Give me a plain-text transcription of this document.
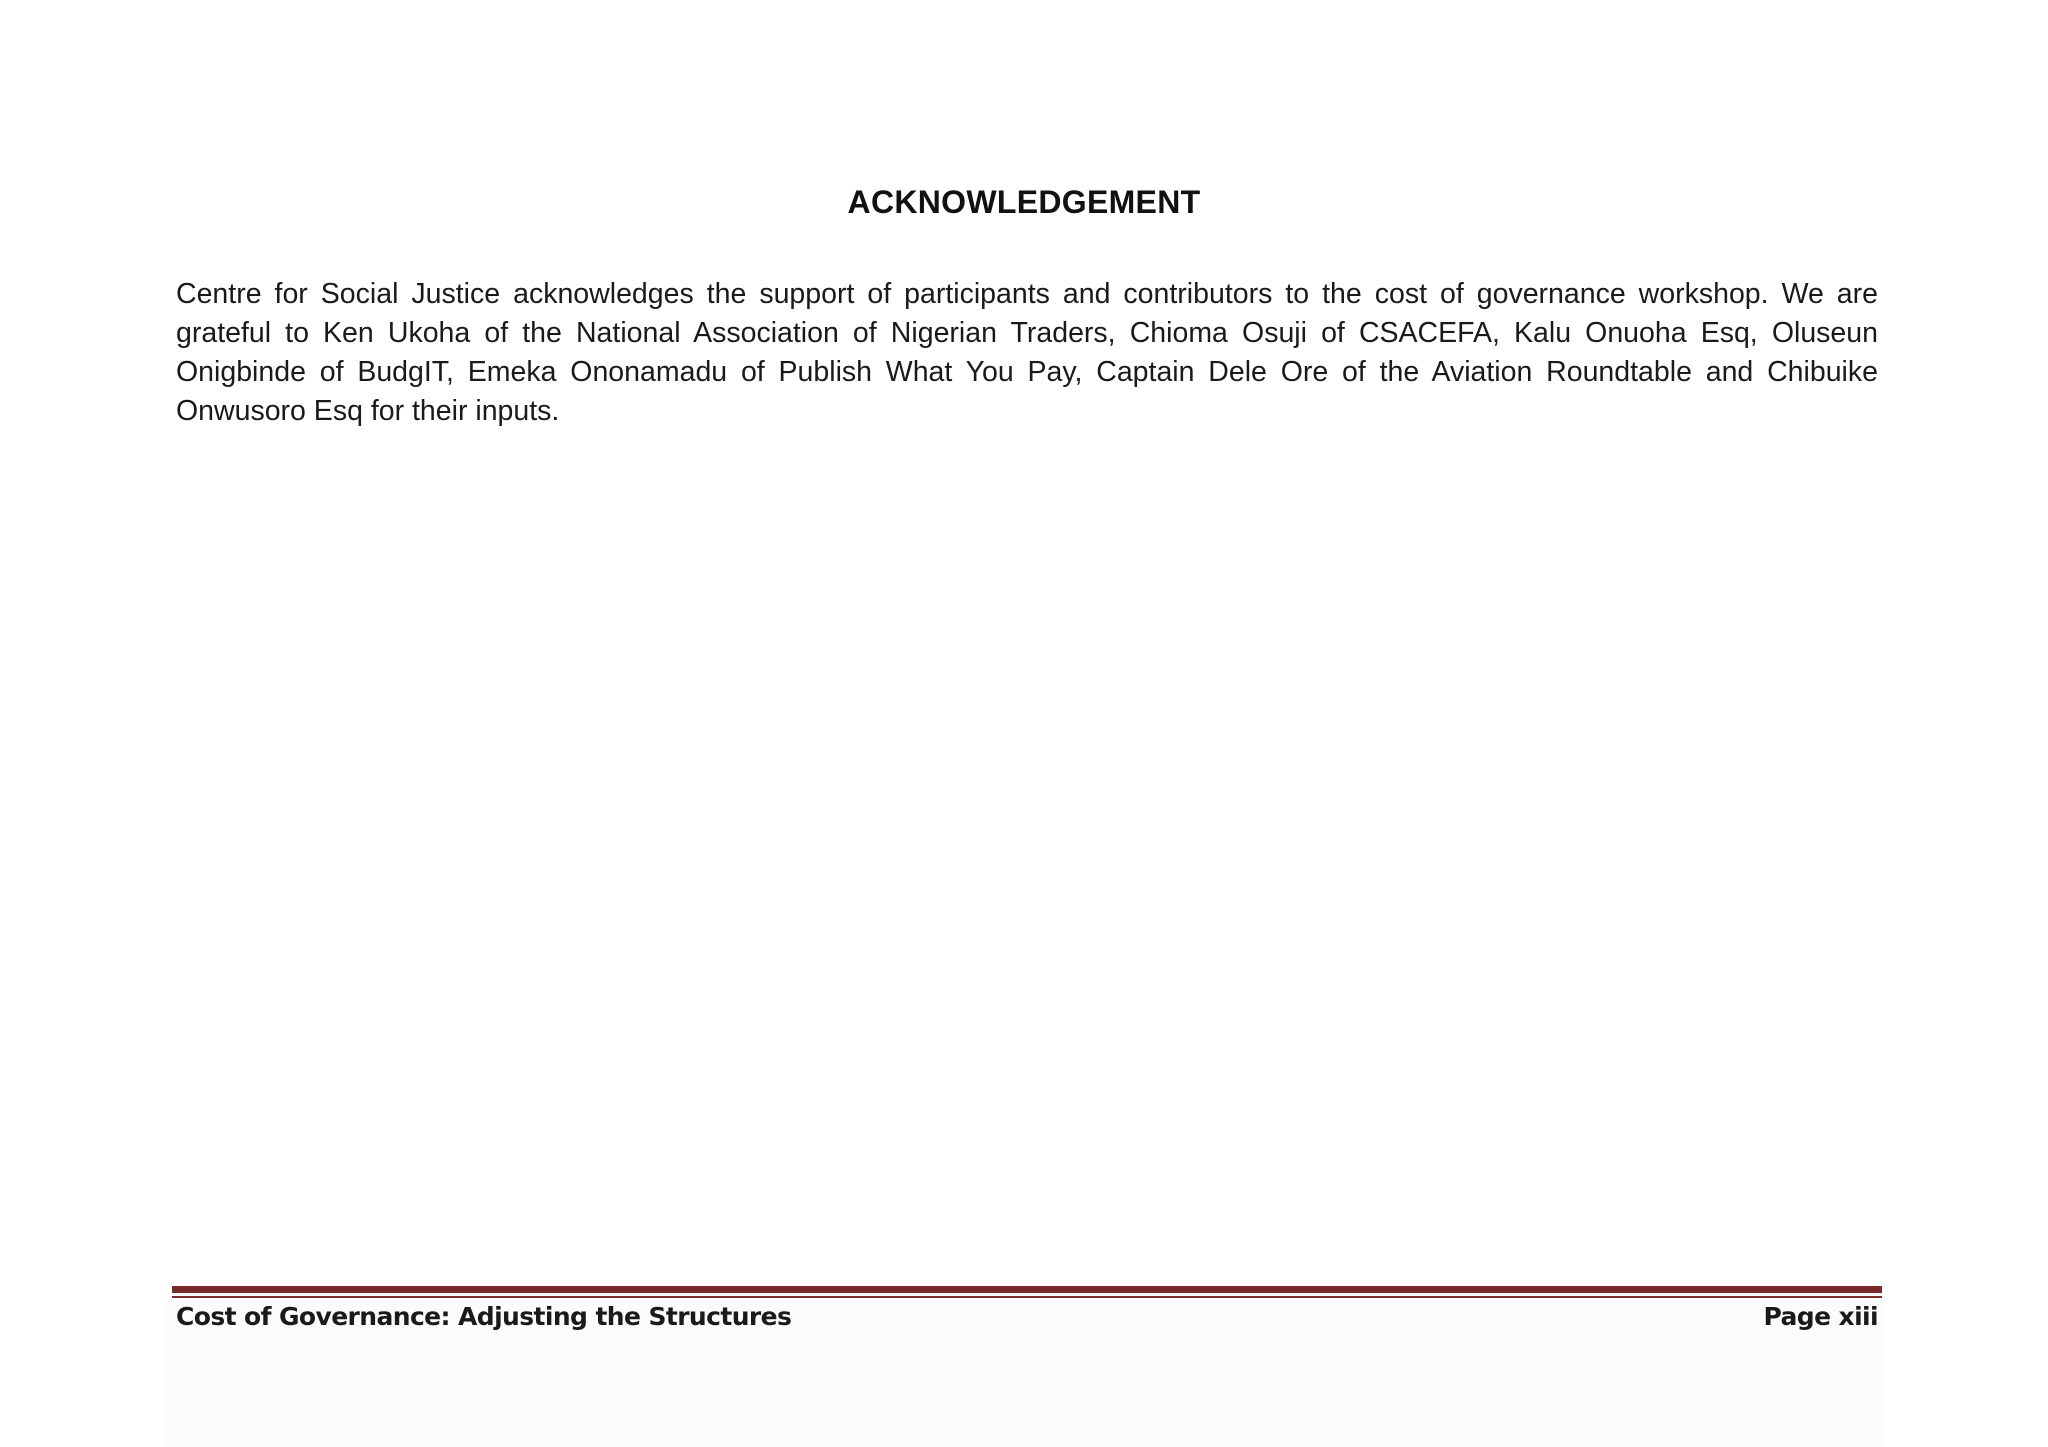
ACKNOWLEDGEMENT

Centre for Social Justice acknowledges the support of participants and contributors to the cost of governance workshop. We are grateful to Ken Ukoha of the National Association of Nigerian Traders, Chioma Osuji of CSACEFA, Kalu Onuoha Esq, Oluseun Onigbinde of BudgIT, Emeka Ononamadu of Publish What You Pay, Captain Dele Ore of the Aviation Roundtable and Chibuike Onwusoro Esq for their inputs.

Cost of Governance: Adjusting the Structures	Page xiii
